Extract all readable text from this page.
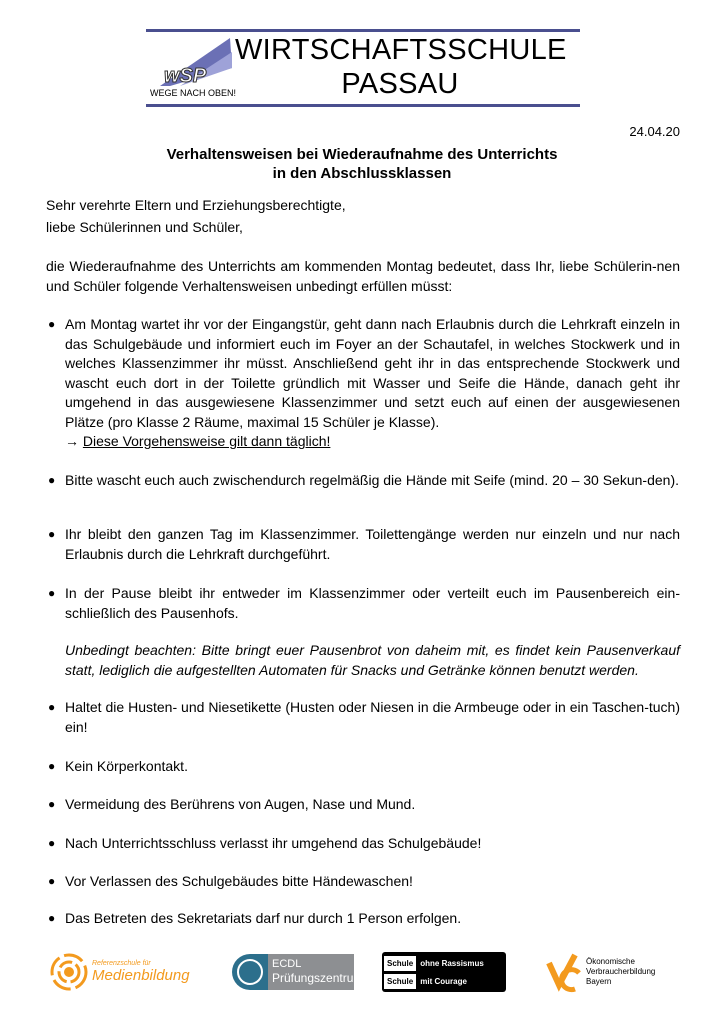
wSP
WEGE NACH OBEN!
WIRTSCHAFTSSCHULE
PASSAU
24.04.20
Verhaltensweisen bei Wiederaufnahme des Unterrichts
in den Abschlussklassen
Sehr verehrte Eltern und Erziehungsberechtigte,
liebe Schülerinnen und Schüler,
die Wiederaufnahme des Unterrichts am kommenden Montag bedeutet, dass Ihr, liebe Schülerin-nen und Schüler folgende Verhaltensweisen unbedingt erfüllen müsst:
● Am Montag wartet ihr vor der Eingangstür, geht dann nach Erlaubnis durch die Lehrkraft einzeln in das Schulgebäude und informiert euch im Foyer an der Schautafel, in welches Stockwerk und in welches Klassenzimmer ihr müsst. Anschließend geht ihr in das entsprechende Stockwerk und wascht euch dort in der Toilette gründlich mit Wasser und Seife die Hände, danach geht ihr umgehend in das ausgewiesene Klassenzimmer und setzt euch auf einen der ausgewiesenen Plätze (pro Klasse 2 Räume, maximal 15 Schüler je Klasse).
→ Diese Vorgehensweise gilt dann täglich!
● Bitte wascht euch auch zwischendurch regelmäßig die Hände mit Seife (mind. 20 – 30 Sekun-den).
● Ihr bleibt den ganzen Tag im Klassenzimmer. Toilettengänge werden nur einzeln und nur nach Erlaubnis durch die Lehrkraft durchgeführt.
● In der Pause bleibt ihr entweder im Klassenzimmer oder verteilt euch im Pausenbereich ein-schließlich des Pausenhofs.
Unbedingt beachten: Bitte bringt euer Pausenbrot von daheim mit, es findet kein Pausenverkauf statt, lediglich die aufgestellten Automaten für Snacks und Getränke können benutzt werden.
● Haltet die Husten- und Niesetikette (Husten oder Niesen in die Armbeuge oder in ein Taschen-tuch) ein!
● Kein Körperkontakt.
● Vermeidung des Berührens von Augen, Nase und Mund.
● Nach Unterrichtsschluss verlasst ihr umgehend das Schulgebäude!
● Vor Verlassen des Schulgebäudes bitte Händewaschen!
● Das Betreten des Sekretariats darf nur durch 1 Person erfolgen.
Referenzschule für
Medienbildung
ECDL
Prüfungszentrum
Schule ohne Rassismus
Schule mit Courage
Ökonomische
Verbraucherbildung
Bayern
